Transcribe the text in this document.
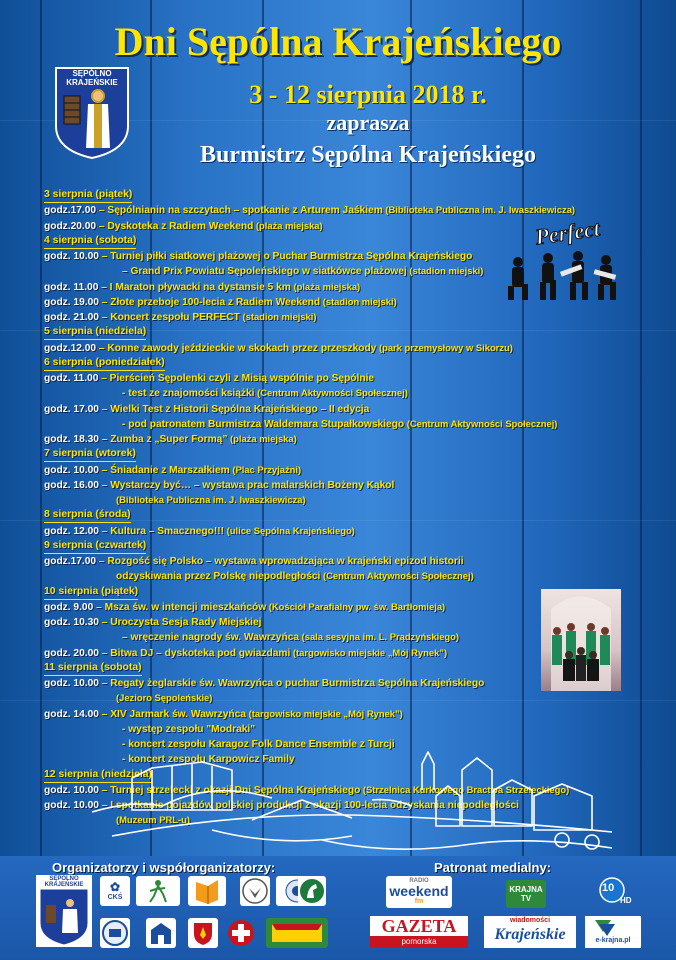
Dni Sępólna Krajeńskiego
SĘPÓLNO
KRAJEŃSKIE	3 - 12 sierpnia 2018 r.
zaprasza
Burmistrz Sępólna Krajeńskiego
3 sierpnia (piątek)
godz.17.00 – Sępólnianin na szczytach – spotkanie z Arturem Jaśkiem (Biblioteka Publiczna im. J. Iwaszkiewicza)
godz.20.00 – Dyskoteka z Radiem Weekend (plaża miejska)
4 sierpnia (sobota)
godz. 10.00 – Turniej piłki siatkowej plażowej o Puchar Burmistrza Sępólna Krajeńskiego
– Grand Prix Powiatu Sępoleńskiego w siatkówce plażowej (stadion miejski)
godz. 11.00 – I Maraton pływacki na dystansie 5 km (plaża miejska)
godz. 19.00 – Złote przeboje 100-lecia z Radiem Weekend (stadion miejski)
godz. 21.00 – Koncert zespołu PERFECT (stadion miejski)
5 sierpnia (niedziela)
godz.12.00 – Konne zawody jeździeckie w skokach przez przeszkody (park przemysłowy w Sikorzu)
6 sierpnia (poniedziałek)
godz. 11.00 – Pierścień Sępolenki czyli z Misią wspólnie po Sępólnie
- test ze znajomości książki (Centrum Aktywności Społecznej)
godz. 17.00 – Wielki Test z Historii Sępólna Krajeńskiego – II edycja
- pod patronatem Burmistrza Waldemara Stupałkowskiego (Centrum Aktywności Społecznej)
godz. 18.30 – Zumba z „Super Formą” (plaża miejska)
7 sierpnia (wtorek)
godz. 10.00 – Śniadanie z Marszałkiem (Plac Przyjaźni)
godz. 16.00 – Wystarczy być… – wystawa prac malarskich Bożeny Kąkol
(Biblioteka Publiczna im. J. Iwaszkiewicza)
8 sierpnia (środa)
godz. 12.00 – Kultura – Smacznego!!! (ulice Sępólna Krajeńskiego)
9 sierpnia (czwartek)
godz.17.00 – Rozgość się Polsko – wystawa wprowadzająca w krajeński epizod historii
odzyskiwania przez Polskę niepodległości (Centrum Aktywności Społecznej)
10 sierpnia (piątek)
godz. 9.00 – Msza św. w intencji mieszkańców (Kościół Parafialny pw. św. Bartłomieja)
godz. 10.30 – Uroczysta Sesja Rady Miejskiej
– wręczenie nagrody św. Wawrzyńca (sala sesyjna im. L. Prądzyńskiego)
godz. 20.00 – Bitwa DJ – dyskoteka pod gwiazdami (targowisko miejskie „Mój Rynek”)
11 sierpnia (sobota)
godz. 10.00 – Regaty żeglarskie św. Wawrzyńca o puchar Burmistrza Sępólna Krajeńskiego
(Jezioro Sępoleńskie)
godz. 14.00 – XIV Jarmark św. Wawrzyńca (targowisko miejskie „Mój Rynek”)
- występ zespołu "Modraki"
- koncert zespołu Karagoz Folk Dance Ensemble z Turcji
- koncert zespołu Karpowicz Family
12 sierpnia (niedziela)
godz. 10.00 – Turniej strzelecki z okazji Dni Sępólna Krajeńskiego (Strzelnica Kurkowego Bractwa Strzeleckiego)
godz. 10.00 – I spotkanie pojazdów polskiej produkcji z okazji 100-lecia odzyskania niepodległości
(Muzeum PRL-u)
Perfect
Organizatorzy i współorganizatorzy:	Patronat medialny:
SĘPÓLNO
KRAJEŃSKIE	✿
CKŚ
RADIO
weekend
fm
KRAJNA
TV
10
HD
GAZETA
pomorska
wiadomości
Krajeńskie	e-krajna.pl
